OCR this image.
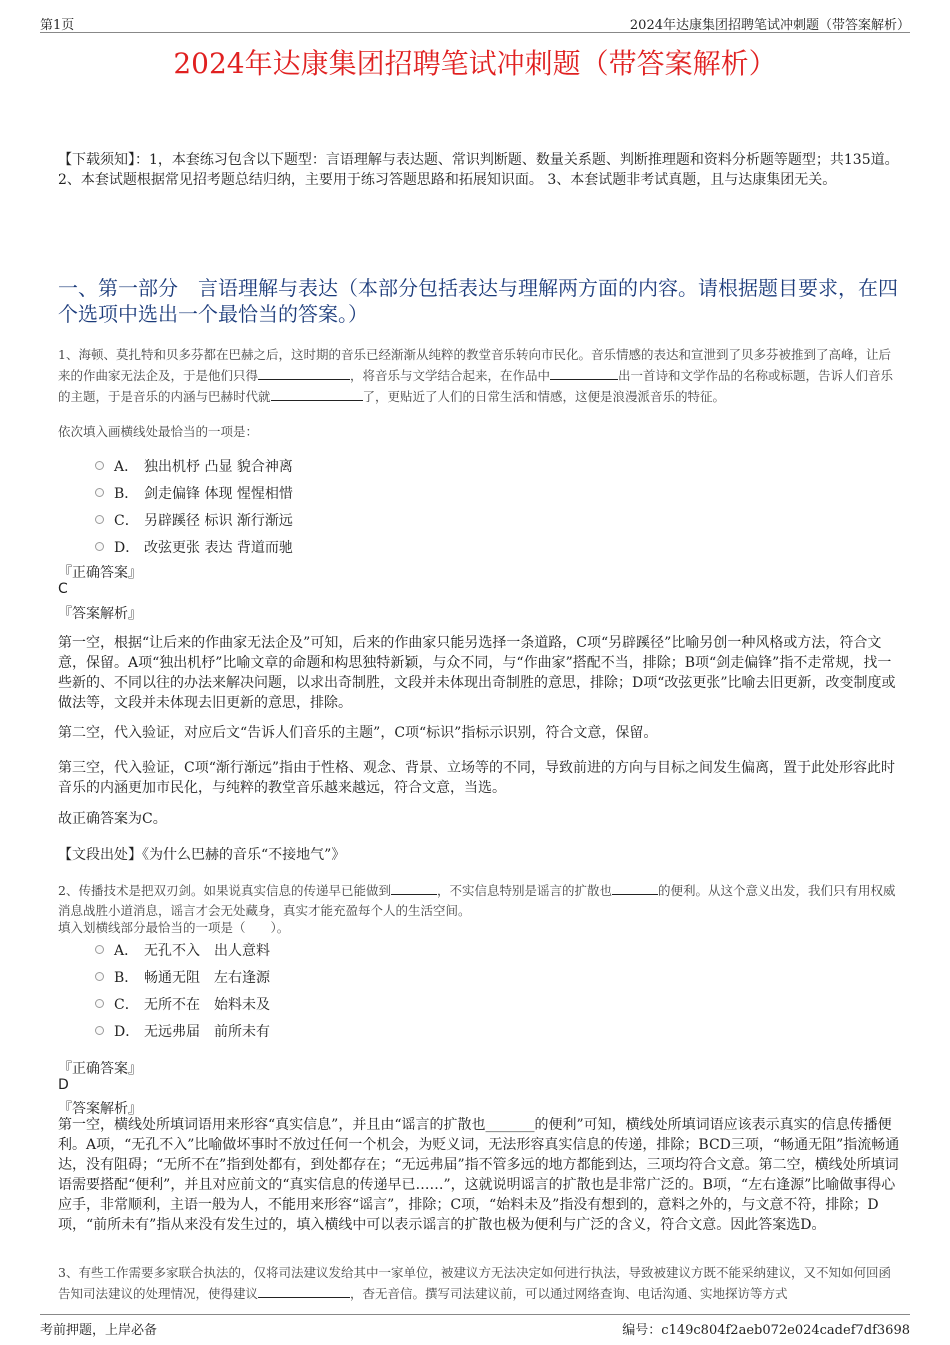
第1页	2024年达康集团招聘笔试冲刺题（带答案解析）
2024年达康集团招聘笔试冲刺题（带答案解析）
【下载须知】：1，本套练习包含以下题型：言语理解与表达题、常识判断题、数量关系题、判断推理题和资料分析题等题型；共135道。 2、本套试题根据常见招考题总结归纳，主要用于练习答题思路和拓展知识面。 3、本套试题非考试真题，且与达康集团无关。
一、第一部分　言语理解与表达（本部分包括表达与理解两方面的内容。请根据题目要求，在四个选项中选出一个最恰当的答案。）
1、海顿、莫扎特和贝多芬都在巴赫之后，这时期的音乐已经渐渐从纯粹的教堂音乐转向市民化。音乐情感的表达和宣泄到了贝多芬被推到了高峰，让后来的作曲家无法企及，于是他们只得	，将音乐与文学结合起来，在作品中	出一首诗和文学作品的名称或标题，告诉人们音乐的主题，于是音乐的内涵与巴赫时代就	了，更贴近了人们的日常生活和情感，这便是浪漫派音乐的特征。
依次填入画横线处最恰当的一项是：
A． 独出机杼 凸显 貌合神离
B． 剑走偏锋 体现 惺惺相惜
C． 另辟蹊径 标识 渐行渐远
D． 改弦更张 表达 背道而驰
『正确答案』
C
『答案解析』
第一空，根据“让后来的作曲家无法企及”可知，后来的作曲家只能另选择一条道路，C项“另辟蹊径”比喻另创一种风格或方法，符合文意，保留。A项“独出机杼”比喻文章的命题和构思独特新颖，与众不同，与“作曲家”搭配不当，排除；B项“剑走偏锋”指不走常规，找一些新的、不同以往的办法来解决问题，以求出奇制胜，文段并未体现出奇制胜的意思，排除；D项“改弦更张”比喻去旧更新，改变制度或做法等，文段并未体现去旧更新的意思，排除。
第二空，代入验证，对应后文“告诉人们音乐的主题”，C项“标识”指标示识别，符合文意，保留。
第三空，代入验证，C项“渐行渐远”指由于性格、观念、背景、立场等的不同，导致前进的方向与目标之间发生偏离，置于此处形容此时音乐的内涵更加市民化，与纯粹的教堂音乐越来越远，符合文意，当选。
故正确答案为C。
【文段出处】《为什么巴赫的音乐“不接地气”》
2、传播技术是把双刃剑。如果说真实信息的传递早已能做到	，不实信息特别是谣言的扩散也	的便利。从这个意义出发，我们只有用权威消息战胜小道消息，谣言才会无处藏身，真实才能充盈每个人的生活空间。
填入划横线部分最恰当的一项是（　　）。
A． 无孔不入　出人意料
B． 畅通无阻　左右逢源
C． 无所不在　始料未及
D． 无远弗届　前所未有
『正确答案』
D
『答案解析』
第一空，横线处所填词语用来形容“真实信息”，并且由“谣言的扩散也_______的便利”可知，横线处所填词语应该表示真实的信息传播便利。A项，“无孔不入”比喻做坏事时不放过任何一个机会，为贬义词，无法形容真实信息的传递，排除；BCD三项，“畅通无阻”指流畅通达，没有阻碍；“无所不在”指到处都有，到处都存在；“无远弗届”指不管多远的地方都能到达，三项均符合文意。第二空，横线处所填词语需要搭配“便利”，并且对应前文的“真实信息的传递早已……”，这就说明谣言的扩散也是非常广泛的。B项，“左右逢源”比喻做事得心应手，非常顺利，主语一般为人，不能用来形容“谣言”，排除；C项，“始料未及”指没有想到的，意料之外的，与文意不符，排除；D项，“前所未有”指从来没有发生过的，填入横线中可以表示谣言的扩散也极为便利与广泛的含义，符合文意。因此答案选D。
3、有些工作需要多家联合执法的，仅将司法建议发给其中一家单位，被建议方无法决定如何进行执法，导致被建议方既不能采纳建议，又不知如何回函告知司法建议的处理情况，使得建议	，杳无音信。撰写司法建议前，可以通过网络查询、电话沟通、实地探访等方式
考前押题，上岸必备	编号：c149c804f2aeb072e024cadef7df3698
